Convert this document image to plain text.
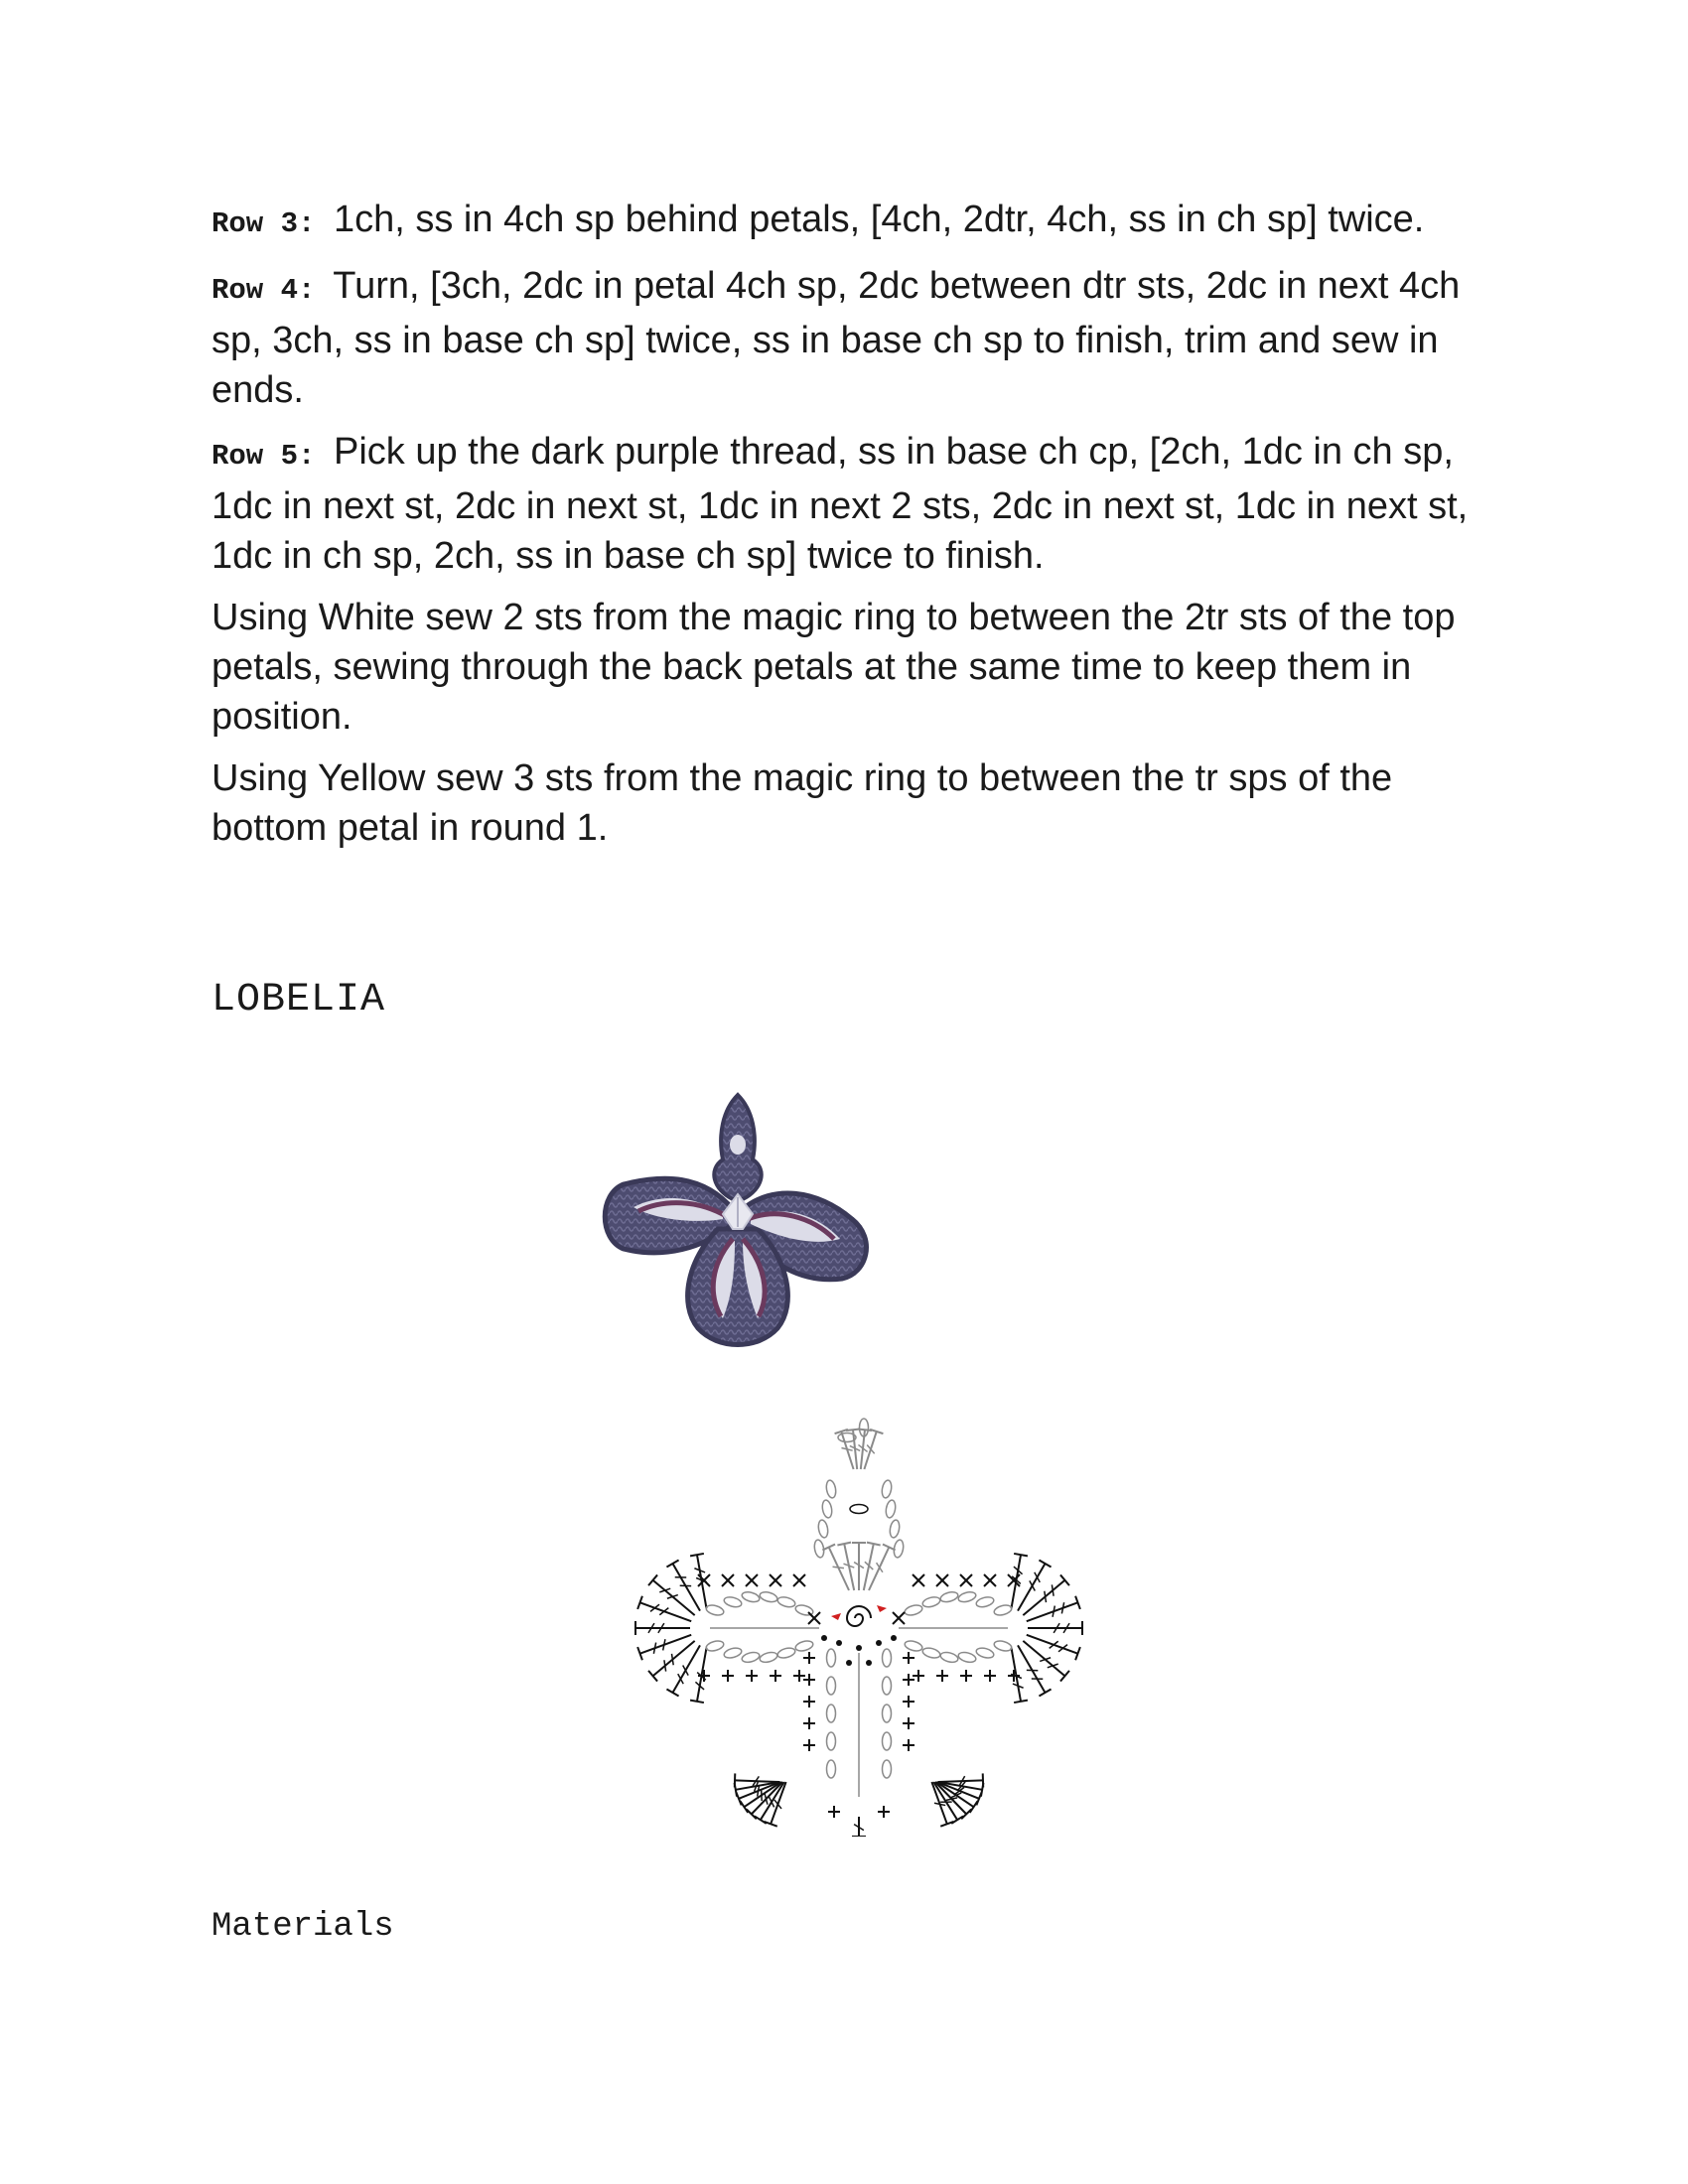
Row 3: 1ch, ss in 4ch sp behind petals, [4ch, 2dtr, 4ch, ss in ch sp] twice.

Row 4: Turn, [3ch, 2dc in petal 4ch sp, 2dc between dtr sts, 2dc in next 4ch sp, 3ch, ss in base ch sp] twice, ss in base ch sp to finish, trim and sew in ends.

Row 5: Pick up the dark purple thread, ss in base ch cp, [2ch, 1dc in ch sp, 1dc in next st, 2dc in next st, 1dc in next 2 sts, 2dc in next st, 1dc in next st, 1dc in ch sp, 2ch, ss in base ch sp] twice to finish.

Using White sew 2 sts from the magic ring to between the 2tr sts of the top petals, sewing through the back petals at the same time to keep them in position.

Using Yellow sew 3 sts from the magic ring to between the tr sps of the bottom petal in round 1.

LOBELIA
Materials
